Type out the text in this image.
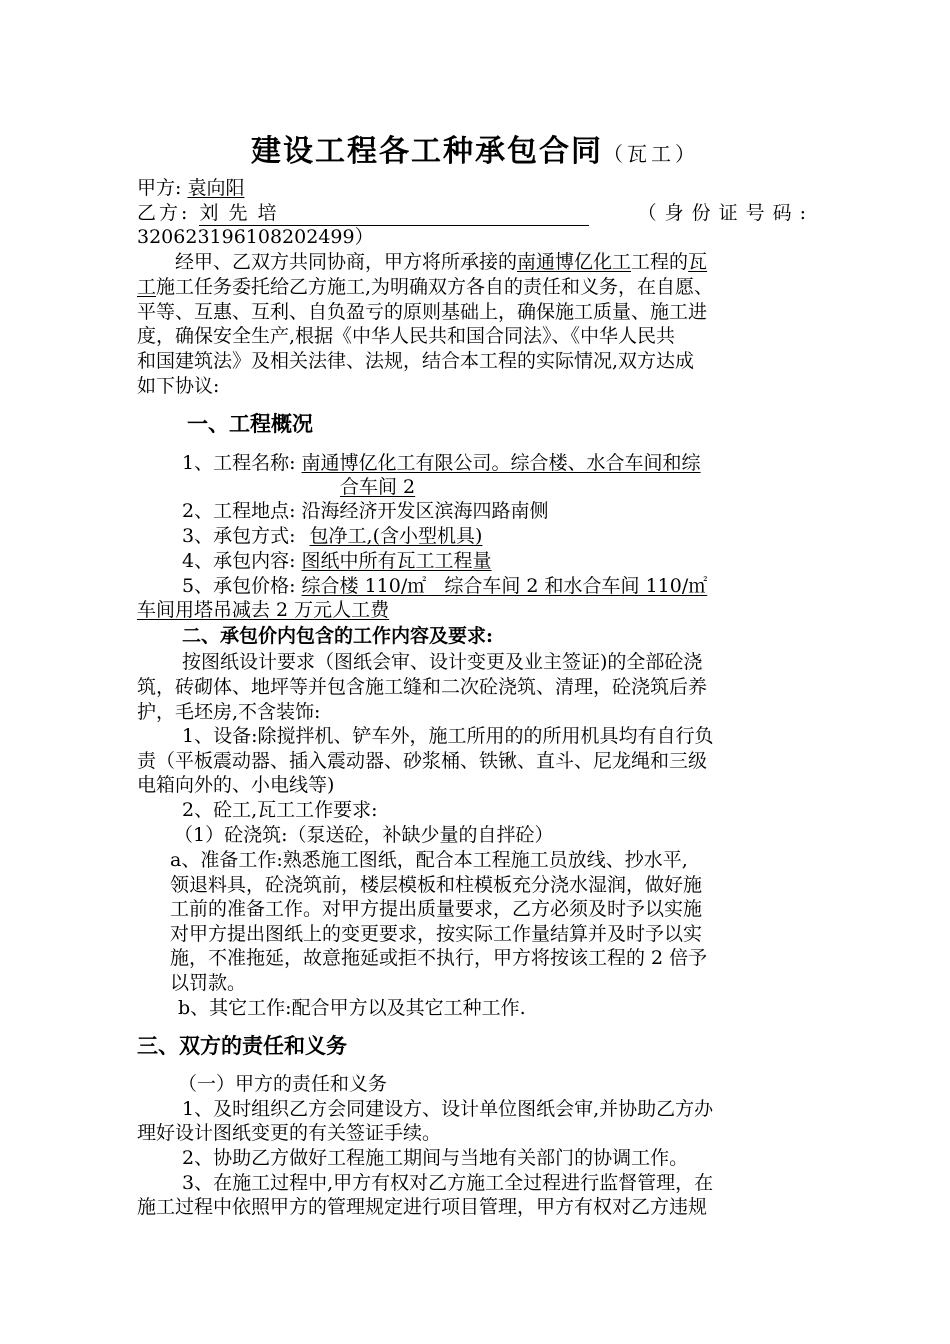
建设工程各工种承包合同（瓦工）
甲方: 袁向阳
乙方: 刘先培	（身份证号码:
320623196108202499）
经甲、乙双方共同协商，甲方将所承接的南通博亿化工工程的瓦
工施工任务委托给乙方施工,为明确双方各自的责任和义务，在自愿、
平等、互惠、互利、自负盈亏的原则基础上，确保施工质量、施工进
度，确保安全生产,根据《中华人民共和国合同法》、《中华人民共
和国建筑法》及相关法律、法规，结合本工程的实际情况,双方达成
如下协议:
一、工程概况
1、工程名称: 南通博亿化工有限公司。综合楼、水合车间和综
合车间 2
2、工程地点: 沿海经济开发区滨海四路南侧
3、承包方式: 包净工,(含小型机具)
4、承包内容: 图纸中所有瓦工工程量
5、承包价格: 综合楼 110/㎡   综合车间 2 和水合车间 110/㎡
车间用塔吊减去 2 万元人工费
二、承包价内包含的工作内容及要求:
按图纸设计要求（图纸会审、设计变更及业主签证)的全部砼浇
筑，砖砌体、地坪等并包含施工缝和二次砼浇筑、清理，砼浇筑后养
护，毛坯房,不含装饰:
1、设备:除搅拌机、铲车外，施工所用的的所用机具均有自行负
责（平板震动器、插入震动器、砂浆桶、铁锹、直斗、尼龙绳和三级
电箱向外的、小电线等)
2、砼工,瓦工工作要求:
（1）砼浇筑:（泵送砼，补缺少量的自拌砼）
a、准备工作:熟悉施工图纸，配合本工程施工员放线、抄水平,
领退料具，砼浇筑前，楼层模板和柱模板充分浇水湿润，做好施
工前的准备工作。对甲方提出质量要求，乙方必须及时予以实施
对甲方提出图纸上的变更要求，按实际工作量结算并及时予以实
施，不准拖延，故意拖延或拒不执行，甲方将按该工程的 2 倍予
以罚款。
b、其它工作:配合甲方以及其它工种工作.
三、双方的责任和义务
（一）甲方的责任和义务
1、及时组织乙方会同建设方、设计单位图纸会审,并协助乙方办
理好设计图纸变更的有关签证手续。
2、协助乙方做好工程施工期间与当地有关部门的协调工作。
3、在施工过程中,甲方有权对乙方施工全过程进行监督管理，在
施工过程中依照甲方的管理规定进行项目管理，甲方有权对乙方违规
